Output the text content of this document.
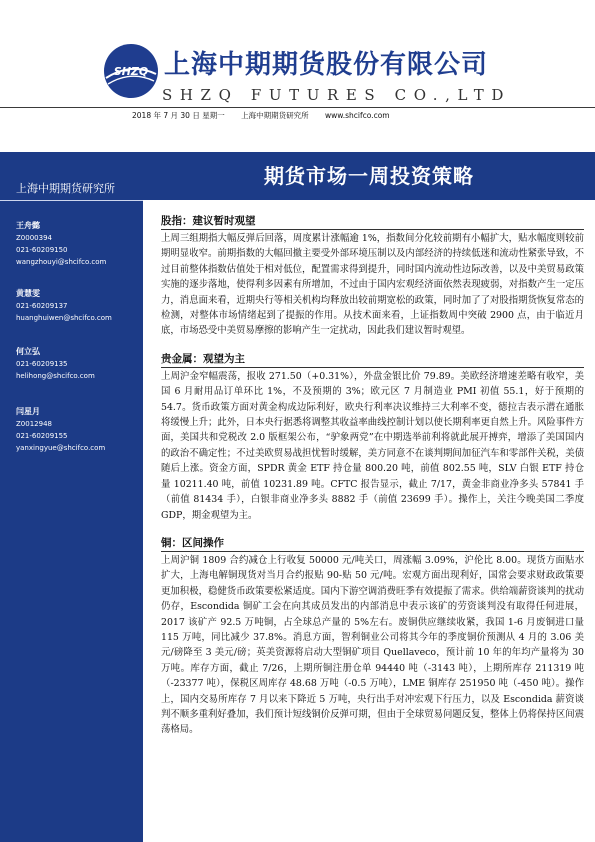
SHZQ 上海中期期货股份有限公司
SHZQ FUTURES CO.,LTD
2018 年 7 月 30 日 星期一 上海中期期货研究所 www.shcifco.com
上海中期期货研究所
王舟懿
Z0000394
021-60209150
wangzhouyi@shcifco.com
黄慧雯
021-60209137
huanghuiwen@shcifco.com
何立弘
021-60209135
helihong@shcifco.com
闫星月
Z0012948
021-60209155
yanxingyue@shcifco.com
期货市场一周投资策略
股指：建议暂时观望

上周三组期指大幅反弹后回落，周度累计涨幅逾 1%，指数间分化较前期有小幅扩大，贴水幅度则较前期明显收窄。前期指数的大幅回撤主要受外部环境压制以及内部经济的持续低迷和流动性紧张导致，不过目前整体指数估值处于相对低位，配置需求得到提升，同时国内流动性边际改善，以及中美贸易政策实施的逐步落地，使得利多因素有所增加，不过由于国内宏观经济面依然表现疲弱，对指数产生一定压力，消息面来看，近期央行等相关机构均释放出较前期宽松的政策，同时加了了对股指期货恢复常态的检测，对整体市场情绪起到了提振的作用。从技术面来看，上证指数周中突破 2900 点，由于临近月底，市场恐受中美贸易摩擦的影响产生一定扰动，因此我们建议暂时观望。

贵金属：观望为主

上周沪金窄幅震荡，报收 271.50（+0.31%），外盘金银比价 79.89。美欧经济增速差略有收窄，美国 6 月耐用品订单环比 1%，不及预期的 3%；欧元区 7 月制造业 PMI 初值 55.1，好于预期的 54.7。货币政策方面对黄金构成边际利好，欧央行利率决议维持三大利率不变，德拉吉表示潜在通胀将缓慢上升；此外，日本央行据悉将调整其收益率曲线控制计划以使长期利率更自然上升。风险事件方面，美国共和党税改 2.0 版框架公布，“驴象两党”在中期选举前利将就此展开搏弈，增添了美国国内的政治不确定性；不过美欧贸易战担忧暂时缓解，美方同意不在谈判期间加征汽车和零部件关税，美债随后上涨。资金方面，SPDR 黄金 ETF 持仓量 800.20 吨，前值 802.55 吨，SLV 白银 ETF 持仓量 10211.40 吨，前值 10231.89 吨。CFTC 报告显示，截止 7/17，黄金非商业净多头 57841 手（前值 81434 手），白银非商业净多头 8882 手（前值 23699 手）。操作上，关注今晚美国二季度 GDP，期金观望为主。

铜：区间操作

上周沪铜 1809 合约减仓上行收复 50000 元/吨关口，周涨幅 3.09%，沪伦比 8.00。现货方面贴水扩大，上海电解铜现货对当月合约报贴 90-贴 50 元/吨。宏观方面出现利好，国常会要求财政政策要更加积极，稳健货币政策要松紧适度。国内下游空调消费旺季有效提振了需求。供给端薪资谈判的扰动仍存，Escondida 铜矿工会在向其成员发出的内部消息中表示该矿的劳资谈判没有取得任何进展，2017 该矿产 92.5 万吨铜，占全球总产量的 5%左右。废铜供应继续收紧，我国 1-6 月废铜进口量 115 万吨，同比减少 37.8%。消息方面，智利铜业公司将其今年的季度铜价预测从 4 月的 3.06 美元/磅降至 3 美元/磅；英美资源将启动大型铜矿项目 Quellaveco，预计前 10 年的年均产量将为 30 万吨。库存方面，截止 7/26，上期所铜注册仓单 94440 吨（-3143 吨），上期所库存 211319 吨（-23377 吨），保税区周库存 48.68 万吨（-0.5 万吨），LME 铜库存 251950 吨（-450 吨）。操作上，国内交易所库存 7 月以来下降近 5 万吨，央行出手对冲宏观下行压力，以及 Escondida 薪资谈判不顺多重利好叠加，我们预计短线铜价反弹可期，但由于全球贸易问题反复，整体上仍将保持区间震荡格局。
